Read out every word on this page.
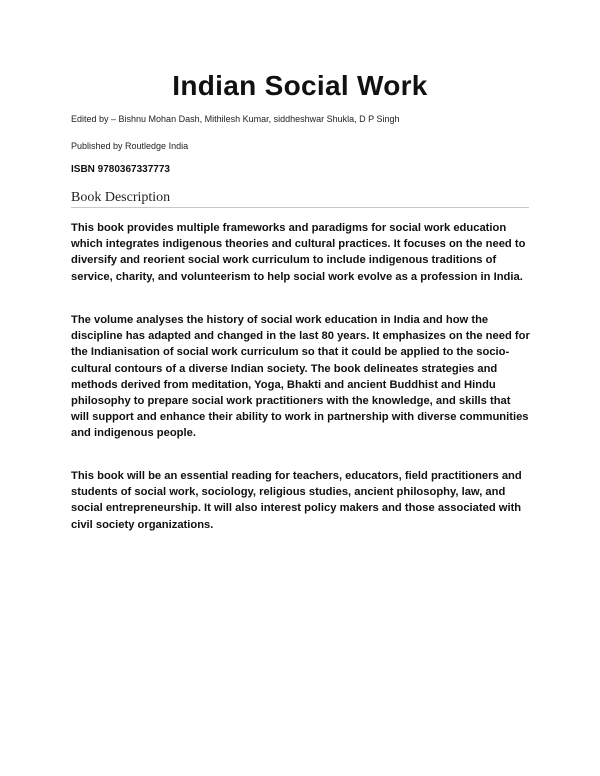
Indian Social Work
Edited by – Bishnu Mohan Dash, Mithilesh Kumar, siddheshwar Shukla, D P Singh
Published by Routledge India
ISBN 9780367337773
Book Description

This book provides multiple frameworks and paradigms for social work education which integrates indigenous theories and cultural practices. It focuses on the need to diversify and reorient social work curriculum to include indigenous traditions of service, charity, and volunteerism to help social work evolve as a profession in India.

The volume analyses the history of social work education in India and how the discipline has adapted and changed in the last 80 years. It emphasizes on the need for the Indianisation of social work curriculum so that it could be applied to the socio-cultural contours of a diverse Indian society. The book delineates strategies and methods derived from meditation, Yoga, Bhakti and ancient Buddhist and Hindu philosophy to prepare social work practitioners with the knowledge, and skills that will support and enhance their ability to work in partnership with diverse communities and indigenous people.

This book will be an essential reading for teachers, educators, field practitioners and students of social work, sociology, religious studies, ancient philosophy, law, and social entrepreneurship. It will also interest policy makers and those associated with civil society organizations.
